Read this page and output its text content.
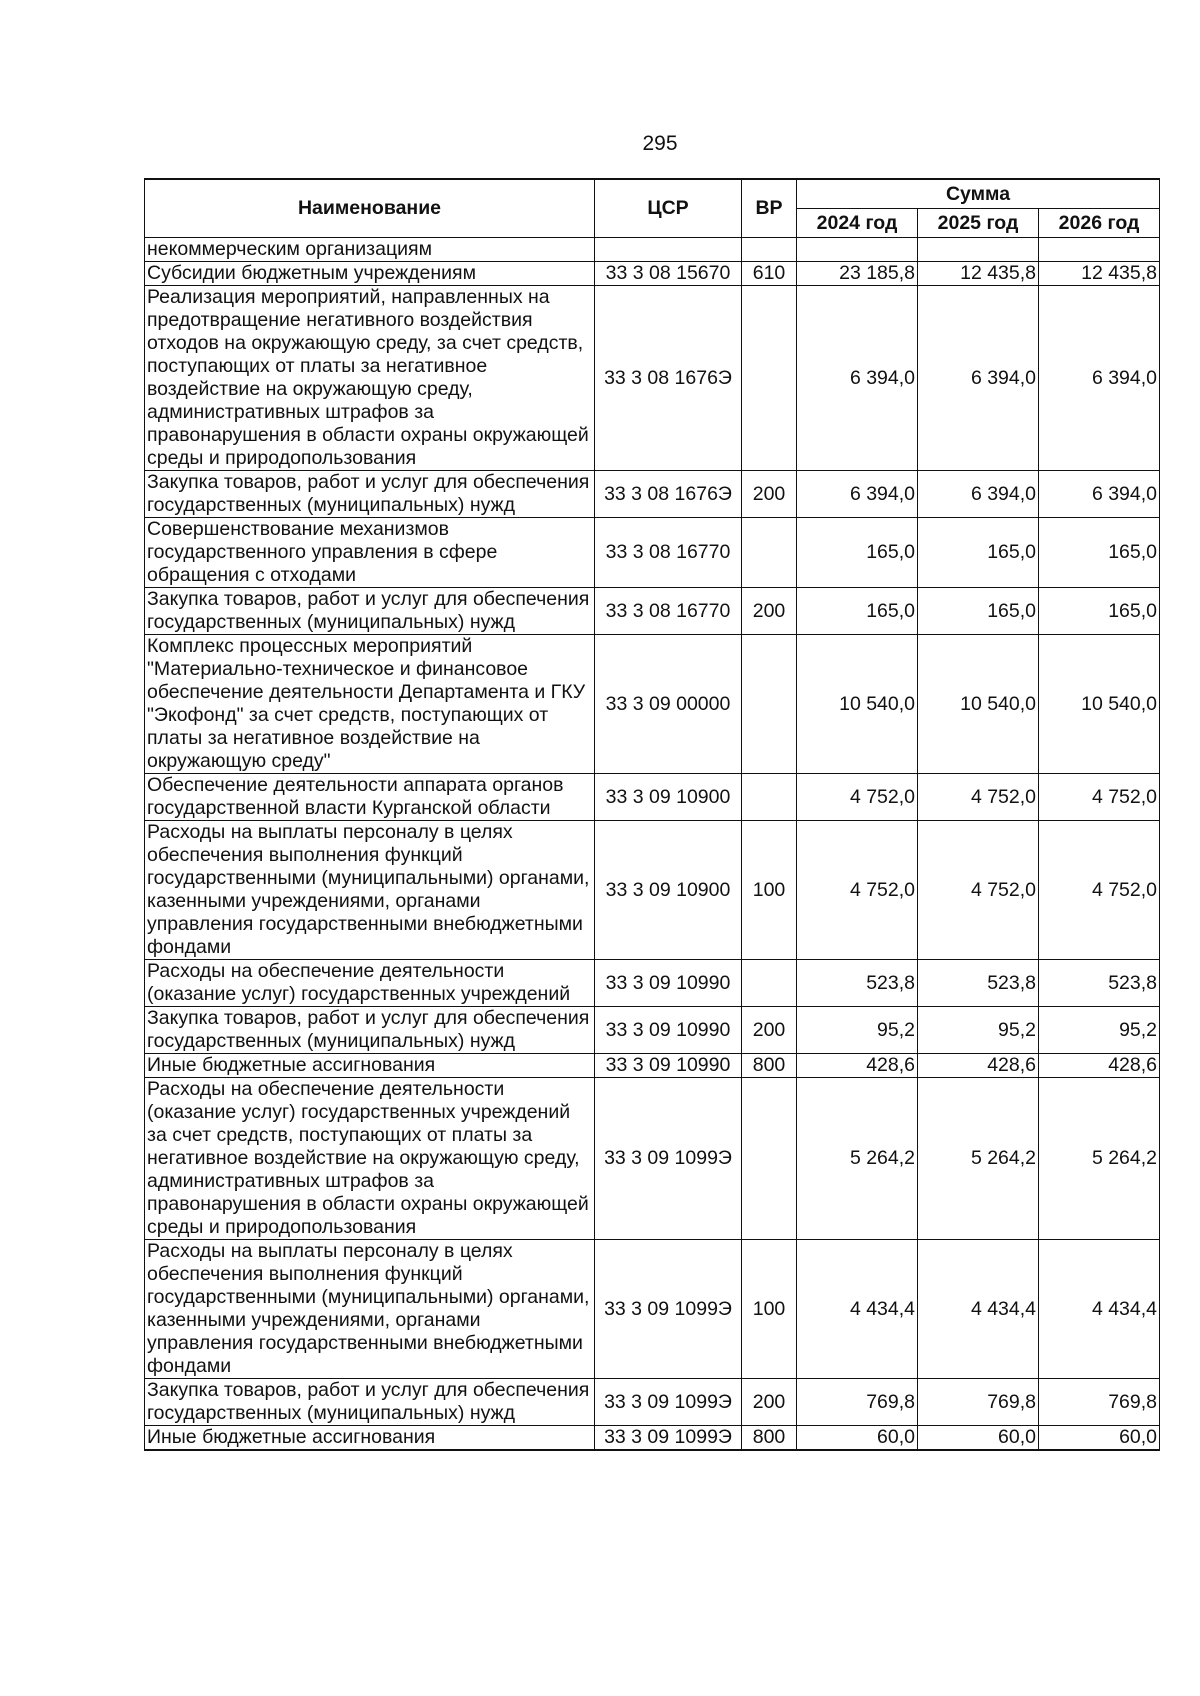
295
Наименование	ЦСР	ВР	Сумма		
			2024 год	2025 год	2026 год
некоммерческим организациям					
Субсидии бюджетным учреждениям	33 3 08 15670	610	23 185,8	12 435,8	12 435,8
Реализация мероприятий, направленных на предотвращение негативного воздействия отходов на окружающую среду, за счет средств, поступающих от платы за негативное воздействие на окружающую среду, административных штрафов за правонарушения в области охраны окружающей среды и природопользования	33 3 08 1676Э		6 394,0	6 394,0	6 394,0
Закупка товаров, работ и услуг для обеспечения государственных (муниципальных) нужд	33 3 08 1676Э	200	6 394,0	6 394,0	6 394,0
Совершенствование механизмов государственного управления в сфере обращения с отходами	33 3 08 16770		165,0	165,0	165,0
Закупка товаров, работ и услуг для обеспечения государственных (муниципальных) нужд	33 3 08 16770	200	165,0	165,0	165,0
Комплекс процессных мероприятий "Материально-техническое и финансовое обеспечение деятельности Департамента и ГКУ "Экофонд" за счет средств, поступающих от платы за негативное воздействие на окружающую среду"	33 3 09 00000		10 540,0	10 540,0	10 540,0
Обеспечение деятельности аппарата органов государственной власти Курганской области	33 3 09 10900		4 752,0	4 752,0	4 752,0
Расходы на выплаты персоналу в целях обеспечения выполнения функций государственными (муниципальными) органами, казенными учреждениями, органами управления государственными внебюджетными фондами	33 3 09 10900	100	4 752,0	4 752,0	4 752,0
Расходы на обеспечение деятельности (оказание услуг) государственных учреждений	33 3 09 10990		523,8	523,8	523,8
Закупка товаров, работ и услуг для обеспечения государственных (муниципальных) нужд	33 3 09 10990	200	95,2	95,2	95,2
Иные бюджетные ассигнования	33 3 09 10990	800	428,6	428,6	428,6
Расходы на обеспечение деятельности (оказание услуг) государственных учреждений за счет средств, поступающих от платы за негативное воздействие на окружающую среду, административных штрафов за правонарушения в области охраны окружающей среды и природопользования	33 3 09 1099Э		5 264,2	5 264,2	5 264,2
Расходы на выплаты персоналу в целях обеспечения выполнения функций государственными (муниципальными) органами, казенными учреждениями, органами управления государственными внебюджетными фондами	33 3 09 1099Э	100	4 434,4	4 434,4	4 434,4
Закупка товаров, работ и услуг для обеспечения государственных (муниципальных) нужд	33 3 09 1099Э	200	769,8	769,8	769,8
Иные бюджетные ассигнования	33 3 09 1099Э	800	60,0	60,0	60,0
